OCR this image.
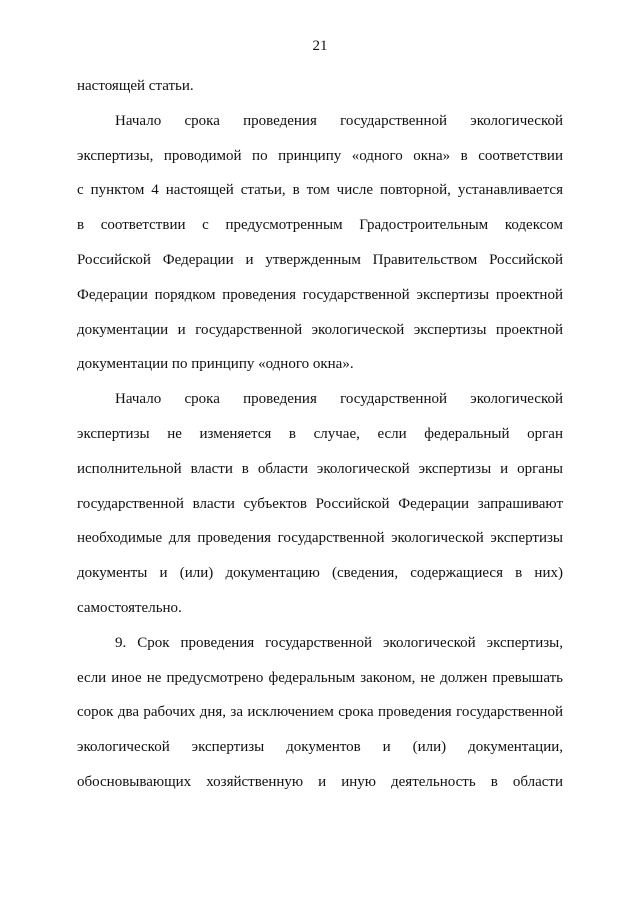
21
настоящей статьи.
Начало срока проведения государственной экологической
экспертизы, проводимой по принципу «одного окна» в соответствии
с пунктом 4 настоящей статьи, в том числе повторной, устанавливается
в соответствии с предусмотренным Градостроительным кодексом
Российской Федерации и утвержденным Правительством Российской
Федерации порядком проведения государственной экспертизы проектной
документации и государственной экологической экспертизы проектной
документации по принципу «одного окна».
Начало срока проведения государственной экологической
экспертизы не изменяется в случае, если федеральный орган
исполнительной власти в области экологической экспертизы и органы
государственной власти субъектов Российской Федерации запрашивают
необходимые для проведения государственной экологической экспертизы
документы и (или) документацию (сведения, содержащиеся в них)
самостоятельно.
9. Срок проведения государственной экологической экспертизы,
если иное не предусмотрено федеральным законом, не должен превышать
сорок два рабочих дня, за исключением срока проведения государственной
экологической экспертизы документов и (или) документации,
обосновывающих хозяйственную и иную деятельность в области
